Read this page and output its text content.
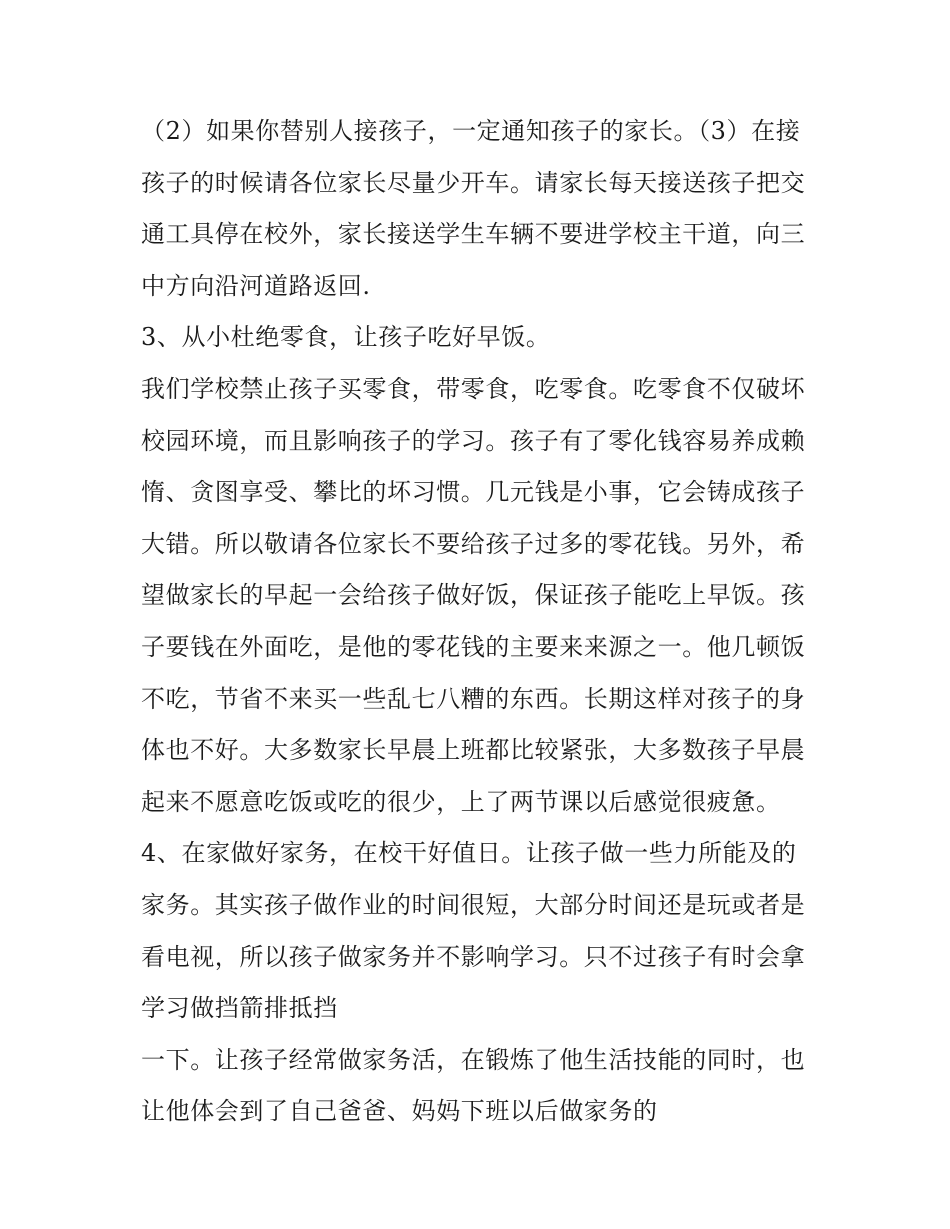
（2）如果你替别人接孩子，一定通知孩子的家长。（3）在接
孩子的时候请各位家长尽量少开车。请家长每天接送孩子把交
通工具停在校外，家长接送学生车辆不要进学校主干道，向三
中方向沿河道路返回.
3、从小杜绝零食，让孩子吃好早饭。
我们学校禁止孩子买零食，带零食，吃零食。吃零食不仅破坏
校园环境，而且影响孩子的学习。孩子有了零化钱容易养成赖
惰、贪图享受、攀比的坏习惯。几元钱是小事，它会铸成孩子
大错。所以敬请各位家长不要给孩子过多的零花钱。另外，希
望做家长的早起一会给孩子做好饭，保证孩子能吃上早饭。孩
子要钱在外面吃，是他的零花钱的主要来来源之一。他几顿饭
不吃，节省不来买一些乱七八糟的东西。长期这样对孩子的身
体也不好。大多数家长早晨上班都比较紧张，大多数孩子早晨
起来不愿意吃饭或吃的很少，上了两节课以后感觉很疲惫。
4、在家做好家务，在校干好值日。让孩子做一些力所能及的
家务。其实孩子做作业的时间很短，大部分时间还是玩或者是
看电视，所以孩子做家务并不影响学习。只不过孩子有时会拿
学习做挡箭排抵挡
一下。让孩子经常做家务活，在锻炼了他生活技能的同时，也
让他体会到了自己爸爸、妈妈下班以后做家务的
